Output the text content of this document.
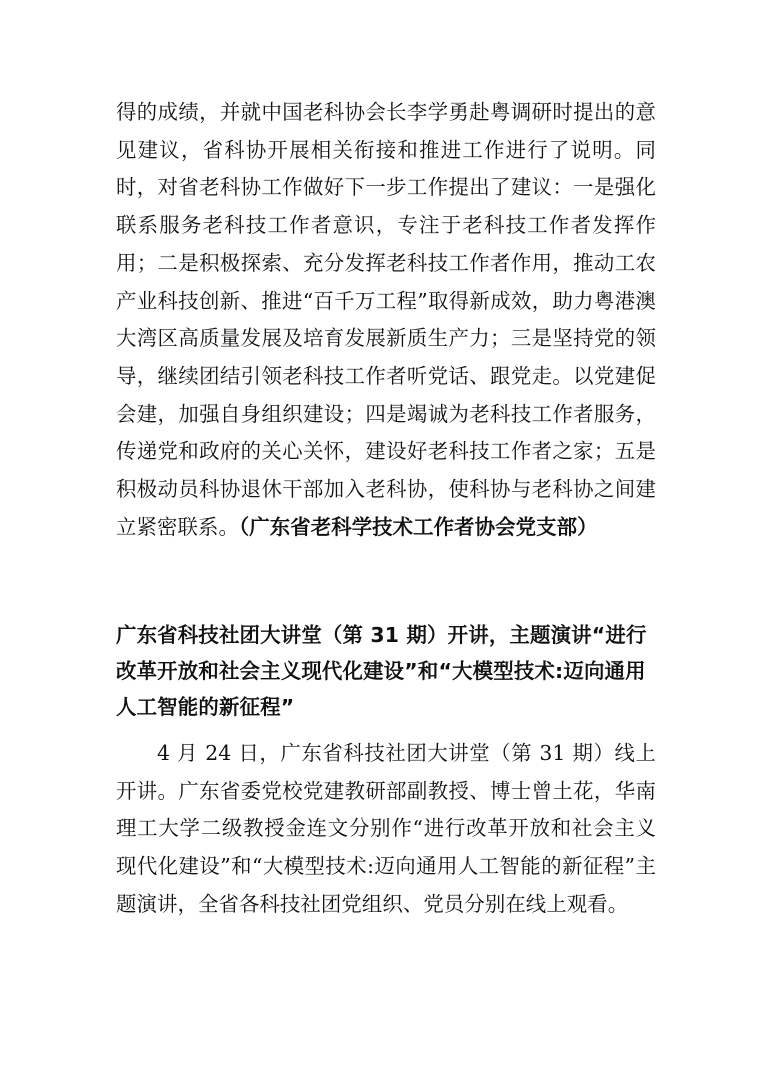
得的成绩，并就中国老科协会长李学勇赴粤调研时提出的意见建议，省科协开展相关衔接和推进工作进行了说明。同时，对省老科协工作做好下一步工作提出了建议：一是强化联系服务老科技工作者意识，专注于老科技工作者发挥作用；二是积极探索、充分发挥老科技工作者作用，推动工农产业科技创新、推进“百千万工程”取得新成效，助力粤港澳大湾区高质量发展及培育发展新质生产力；三是坚持党的领导，继续团结引领老科技工作者听党话、跟党走。以党建促会建，加强自身组织建设；四是竭诚为老科技工作者服务，传递党和政府的关心关怀，建设好老科技工作者之家；五是积极动员科协退休干部加入老科协，使科协与老科协之间建立紧密联系。（广东省老科学技术工作者协会党支部）

广东省科技社团大讲堂（第 31 期）开讲，主题演讲“进行改革开放和社会主义现代化建设”和“大模型技术:迈向通用人工智能的新征程”

4 月 24 日，广东省科技社团大讲堂（第 31 期）线上开讲。广东省委党校党建教研部副教授、博士曾土花，华南理工大学二级教授金连文分别作“进行改革开放和社会主义现代化建设”和“大模型技术:迈向通用人工智能的新征程”主题演讲，全省各科技社团党组织、党员分别在线上观看。
